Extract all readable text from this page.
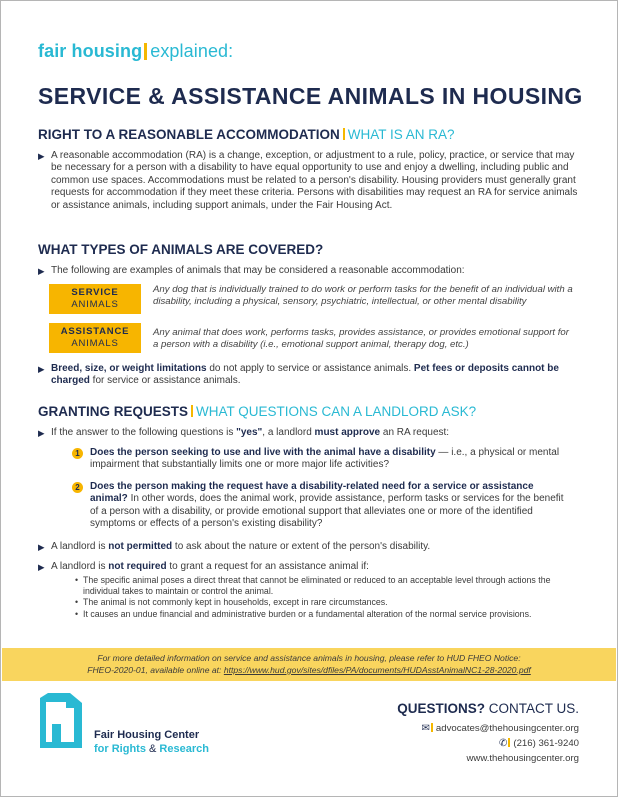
fair housing explained:
SERVICE & ASSISTANCE ANIMALS IN HOUSING
RIGHT TO A REASONABLE ACCOMMODATION WHAT IS AN RA?
▶ A reasonable accommodation (RA) is a change, exception, or adjustment to a rule, policy, practice, or service that may be necessary for a person with a disability to have equal opportunity to use and enjoy a dwelling, including public and common use spaces. Accommodations must be related to a person's disability. Housing providers must generally grant requests for accommodation if they meet these criteria. Persons with disabilities may request an RA for service animals or assistance animals, including support animals, under the Fair Housing Act.
WHAT TYPES OF ANIMALS ARE COVERED?
▶ The following are examples of animals that may be considered a reasonable accommodation:
SERVICE
ANIMALS
Any dog that is individually trained to do work or perform tasks for the benefit of an individual with a disability, including a physical, sensory, psychiatric, intellectual, or other mental disability
ASSISTANCE
ANIMALS
Any animal that does work, performs tasks, provides assistance, or provides emotional support for a person with a disability (i.e., emotional support animal, therapy dog, etc.)
▶ Breed, size, or weight limitations do not apply to service or assistance animals. Pet fees or deposits cannot be charged for service or assistance animals.
GRANTING REQUESTS WHAT QUESTIONS CAN A LANDLORD ASK?
▶ If the answer to the following questions is "yes", a landlord must approve an RA request:
1	Does the person seeking to use and live with the animal have a disability — i.e., a physical or mental impairment that substantially limits one or more major life activities?
2	Does the person making the request have a disability-related need for a service or assistance animal? In other words, does the animal work, provide assistance, perform tasks or services for the benefit of a person with a disability, or provide emotional support that alleviates one or more of the identified symptoms or effects of a person's existing disability?
▶ A landlord is not permitted to ask about the nature or extent of the person's disability.
▶ A landlord is not required to grant a request for an assistance animal if:
• The specific animal poses a direct threat that cannot be eliminated or reduced to an acceptable level through actions the individual takes to maintain or control the animal.
• The animal is not commonly kept in households, except in rare circumstances.
• It causes an undue financial and administrative burden or a fundamental alteration of the normal service provisions.
For more detailed information on service and assistance animals in housing, please refer to HUD FHEO Notice:
FHEO-2020-01, available online at: https://www.hud.gov/sites/dfiles/PA/documents/HUDAsstAnimalNC1-28-2020.pdf
Fair Housing Center
for Rights & Research
QUESTIONS? CONTACT US.
✉ advocates@thehousingcenter.org
✆ (216) 361-9240
www.thehousingcenter.org
